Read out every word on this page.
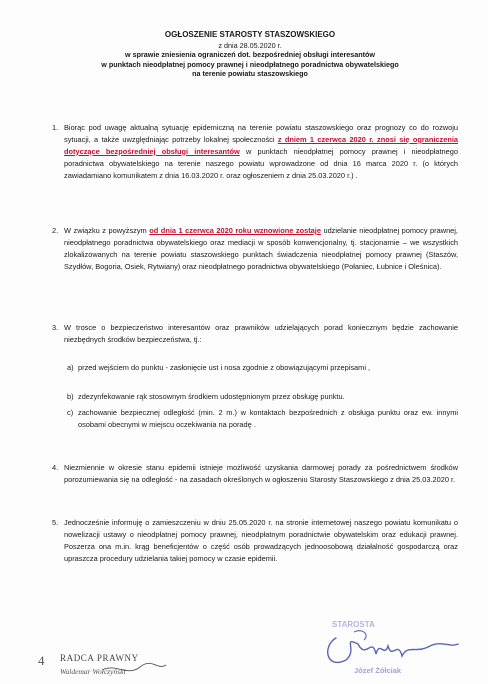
OGŁOSZENIE STAROSTY STASZOWSKIEGO
z dnia 28.05.2020 r.
w sprawie zniesienia ograniczeń dot. bezpośredniej obsługi interesantów
w punktach nieodpłatnej pomocy prawnej i nieodpłatnego poradnictwa obywatelskiego
na terenie powiatu staszowskiego
1. Biorąc pod uwagę aktualną sytuację epidemiczną na terenie powiatu staszowskiego oraz prognozy co do rozwoju sytuacji, a także uwzględniając potrzeby lokalnej społeczności z dniem 1 czerwca 2020 r. znosi się ograniczenia dotyczące bezpośredniej obsługi interesantów w punktach nieodpłatnej pomocy prawnej i nieodpłatnego poradnictwa obywatelskiego na terenie naszego powiatu wprowadzone od dnia 16 marca 2020 r. (o których zawiadamiano komunikatem z dnia 16.03.2020 r. oraz ogłoszeniem z dnia 25.03.2020 r.) .
2. W związku z powyższym od dnia 1 czerwca 2020 roku wznowione zostaje udzielanie nieodpłatnej pomocy prawnej, nieodpłatnego poradnictwa obywatelskiego oraz mediacji w sposób konwencjonalny, tj. stacjonarnie – we wszystkich zlokalizowanych na terenie powiatu staszowskiego punktach świadczenia nieodpłatnej pomocy prawnej (Staszów, Szydłów, Bogoria, Osiek, Rytwiany) oraz nieodpłatnego poradnictwa obywatelskiego (Połaniec, Łubnice i Oleśnica).
3. W trosce o bezpieczeństwo interesantów oraz prawników udzielających porad koniecznym będzie zachowanie niezbędnych środków bezpieczeństwa, tj.:
a) przed wejściem do punktu - zasłonięcie ust i nosa zgodnie z obowiązującymi przepisami ,
b) zdezynfekowanie rąk stosownym środkiem udostępnionym przez obsługę punktu.
c) zachowanie bezpiecznej odległość (min. 2 m.) w kontaktach bezpośrednich z obsługa punktu oraz ew. innymi osobami obecnymi w miejscu oczekiwania na poradę .
4. Niezmiennie w okresie stanu epidemii istnieje możliwość uzyskania darmowej porady za pośrednictwem środków porozumiewania się na odległość - na zasadach określonych w ogłoszeniu Starosty Staszowskiego z dnia 25.03.2020 r.
5. Jednocześnie informuję o zamieszczeniu w dniu 25.05.2020 r. na stronie internetowej naszego powiatu komunikatu o nowelizacji ustawy o nieodpłatnej pomocy prawnej, nieodpłatnym poradnictwie obywatelskim oraz edukacji prawnej. Poszerza ona m.in. krąg beneficjentów o część osób prowadzących jednoosobową działalność gospodarczą oraz upraszcza procedury udzielania takiej pomocy w czasie epidemii.
4 RADCA PRAWNY
Waldemar Wołczyński
STAROSTA
Józef Żółciak
